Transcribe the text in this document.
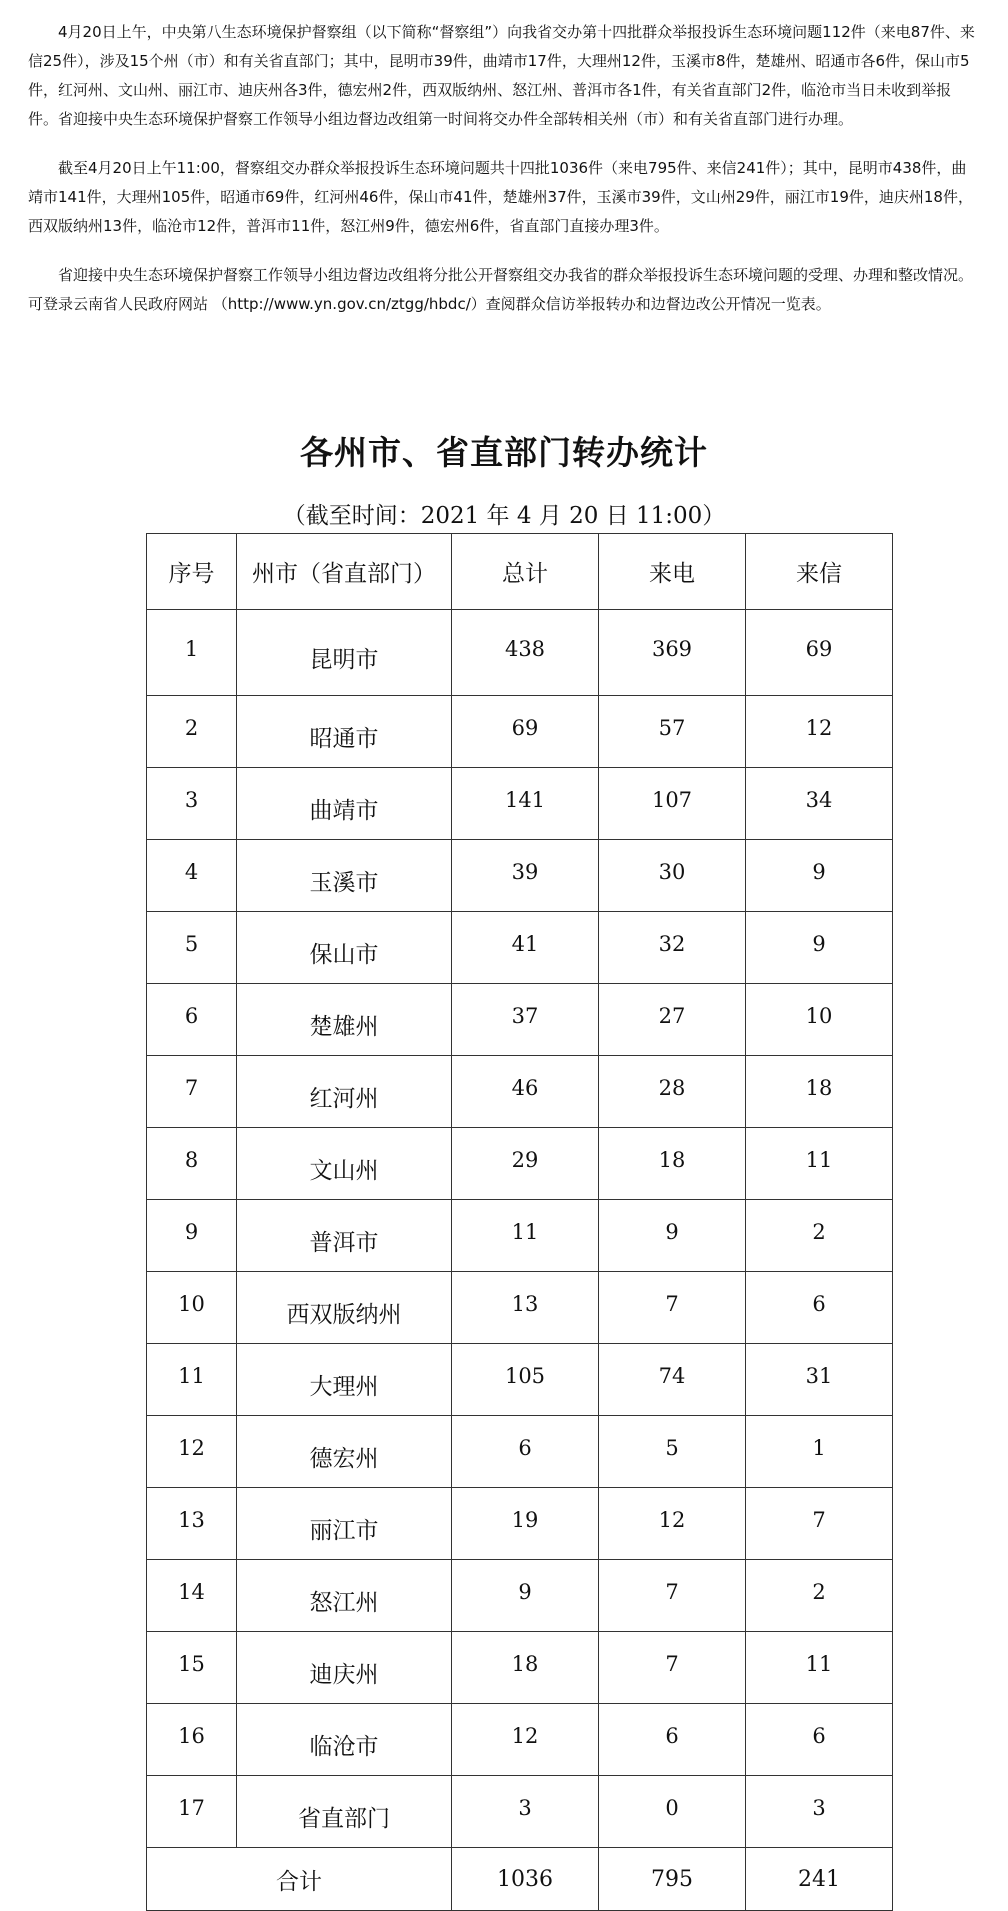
4月20日上午，中央第八生态环境保护督察组（以下简称“督察组”）向我省交办第十四批群众举报投诉生态环境问题112件（来电87件、来信25件），涉及15个州（市）和有关省直部门；其中，昆明市39件，曲靖市17件，大理州12件，玉溪市8件，楚雄州、昭通市各6件，保山市5件，红河州、文山州、丽江市、迪庆州各3件，德宏州2件，西双版纳州、怒江州、普洱市各1件，有关省直部门2件，临沧市当日未收到举报件。省迎接中央生态环境保护督察工作领导小组边督边改组第一时间将交办件全部转相关州（市）和有关省直部门进行办理。

截至4月20日上午11:00，督察组交办群众举报投诉生态环境问题共十四批1036件（来电795件、来信241件）；其中，昆明市438件，曲靖市141件，大理州105件，昭通市69件，红河州46件，保山市41件，楚雄州37件，玉溪市39件，文山州29件，丽江市19件，迪庆州18件，西双版纳州13件，临沧市12件，普洱市11件，怒江州9件，德宏州6件，省直部门直接办理3件。

省迎接中央生态环境保护督察工作领导小组边督边改组将分批公开督察组交办我省的群众举报投诉生态环境问题的受理、办理和整改情况。可登录云南省人民政府网站 （http://www.yn.gov.cn/ztgg/hbdc/）查阅群众信访举报转办和边督边改公开情况一览表。

各州市、省直部门转办统计
（截至时间：2021 年 4 月 20 日 11:00）
序号	州市（省直部门）	总计	来电	来信
1	昆明市	438	369	69
2	昭通市	69	57	12
3	曲靖市	141	107	34
4	玉溪市	39	30	9
5	保山市	41	32	9
6	楚雄州	37	27	10
7	红河州	46	28	18
8	文山州	29	18	11
9	普洱市	11	9	2
10	西双版纳州	13	7	6
11	大理州	105	74	31
12	德宏州	6	5	1
13	丽江市	19	12	7
14	怒江州	9	7	2
15	迪庆州	18	7	11
16	临沧市	12	6	6
17	省直部门	3	0	3
合计		1036	795	241
